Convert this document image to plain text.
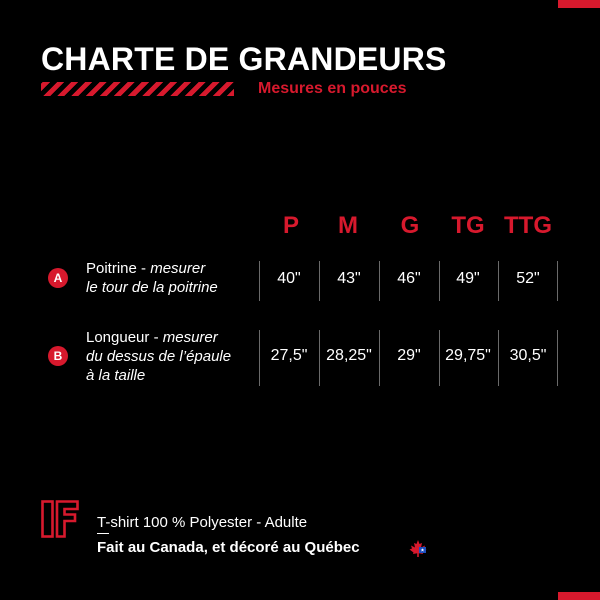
CHARTE DE GRANDEURS
Mesures en pouces
P	M	G	TG TTG
A
Poitrine - mesurer
le tour de la poitrine
40"	43"	46"	49"	52"
B
Longueur - mesurer
du dessus de l’épaule
à la taille
27,5"	28,25"	29"	29,75"	30,5"
T-shirt 100 % Polyester - Adulte
Fait au Canada, et décoré au Québec
